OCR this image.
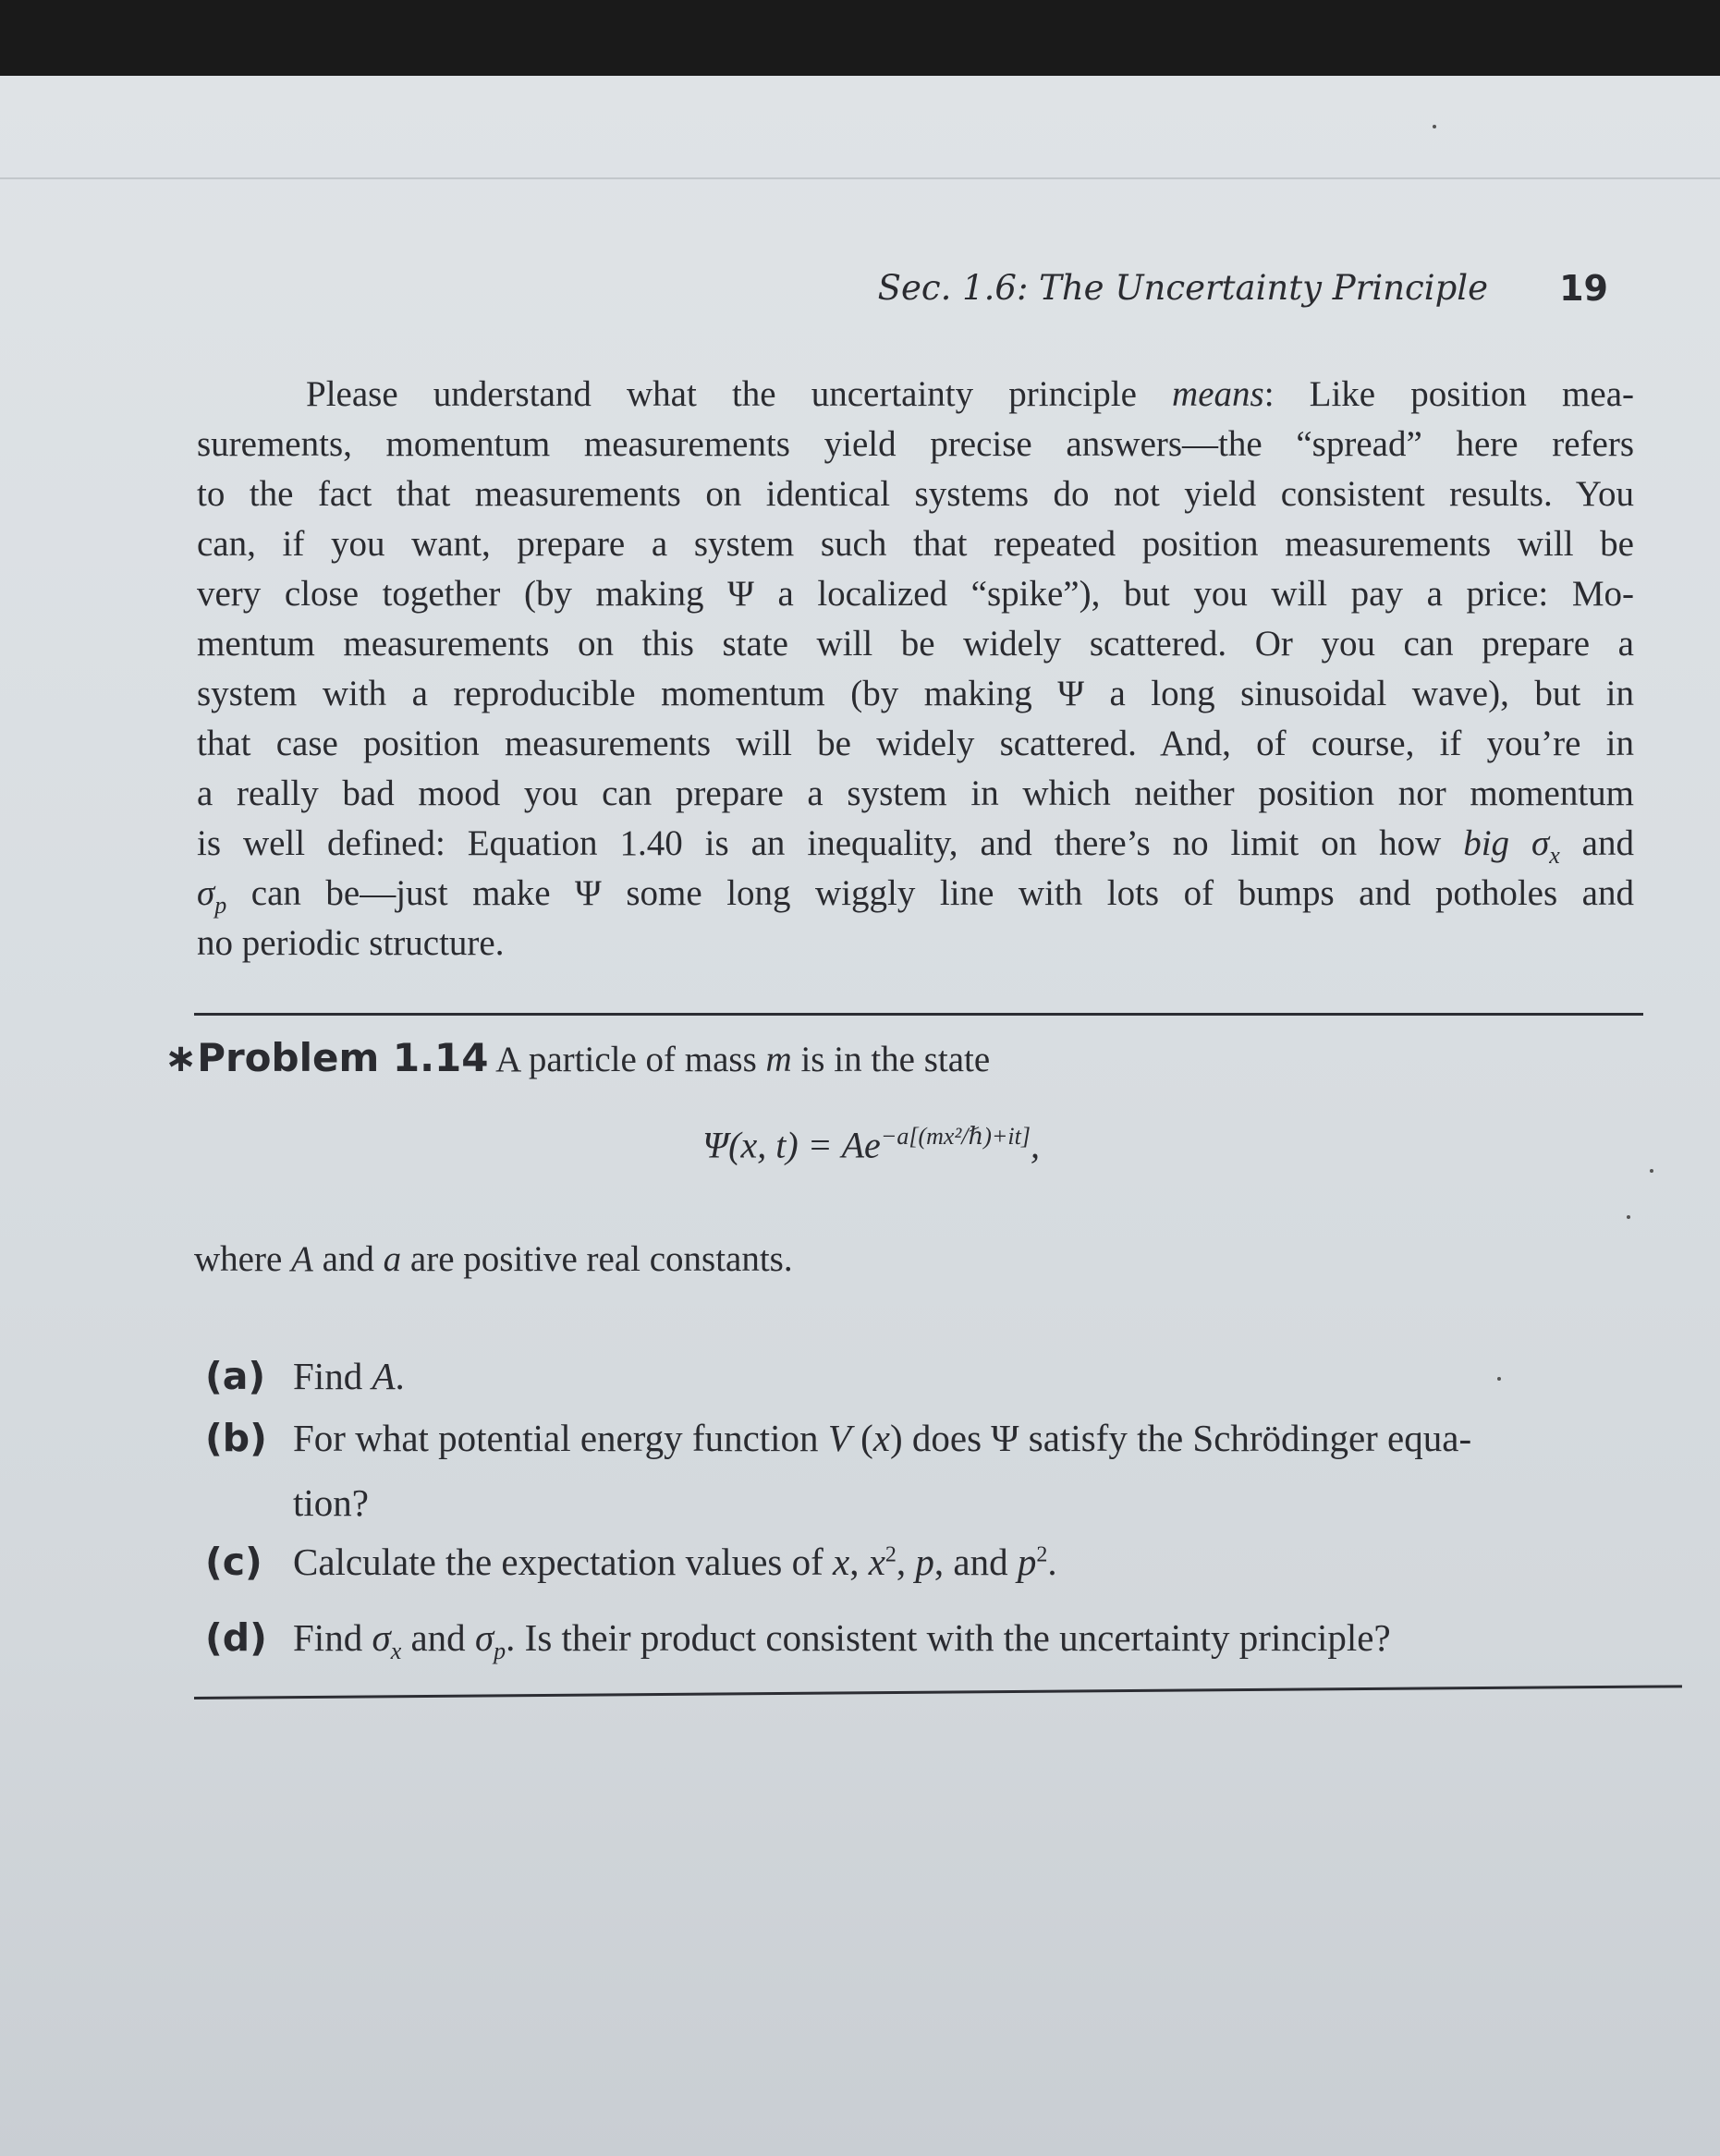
Sec. 1.6: The Uncertainty Principle 19
Please understand what the uncertainty principle means: Like position mea-
surements, momentum measurements yield precise answers—the “spread” here refers
to the fact that measurements on identical systems do not yield consistent results. You
can, if you want, prepare a system such that repeated position measurements will be
very close together (by making Ψ a localized “spike”), but you will pay a price: Mo-
mentum measurements on this state will be widely scattered. Or you can prepare a
system with a reproducible momentum (by making Ψ a long sinusoidal wave), but in
that case position measurements will be widely scattered. And, of course, if you’re in
a really bad mood you can prepare a system in which neither position nor momentum
is well defined: Equation 1.40 is an inequality, and there’s no limit on how big $\sigma_x$ and
$\sigma_p$ can be—just make Ψ some long wiggly line with lots of bumps and potholes and
no periodic structure.
∗Problem 1.14 A particle of mass m is in the state
Ψ(x, $t) = Ae^{-a[(mx^2/\hbar)+it]}$,
where A and a are positive real constants.
(a) Find A.
(b) For what potential energy function V (x) does Ψ satisfy the Schrödinger equa-
tion?
(c) Calculate the expectation values of x, $x^2$, p, and $p^2$.
(d) Find $\sigma_x$ and $\sigma_p$. Is their product consistent with the uncertainty principle?
